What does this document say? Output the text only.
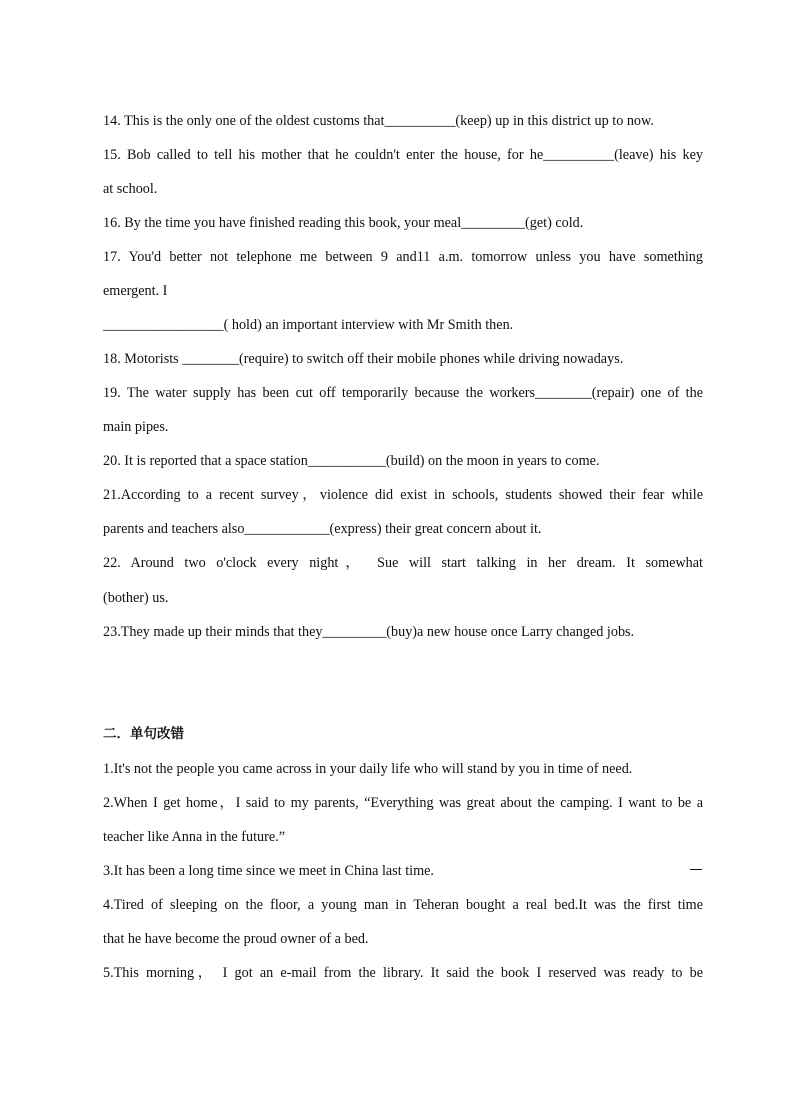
14. This is the only one of the oldest customs that__________(keep) up in this district up to now.
15. Bob called to tell his mother that he couldn't enter the house, for he__________(leave) his key
at school.
16. By the time you have finished reading this book, your meal_________(get) cold.
17. You'd better not telephone me between 9 and11 a.m. tomorrow unless you have something
emergent. I
_________________( hold) an important interview with Mr Smith then.
18. Motorists ________(require) to switch off their mobile phones while driving nowadays.
19. The water supply has been cut off temporarily because the workers________(repair) one of the
main pipes.
20. It is reported that a space station___________(build) on the moon in years to come.
21.According to a recent survey，violence did exist in schools, students showed their fear while
parents and teachers also____________(express) their great concern about it.
22. Around two o'clock every night， Sue will start talking in her dream. It somewhat
(bother) us.
23.They made up their minds that they_________(buy)a new house once Larry changed jobs.
二．单句改错
1.It's not the people you came across in your daily life who will stand by you in time of need.
2.When I get home，I said to my parents, “Everything was great about the camping. I want to be a
teacher like Anna in the future.”
3.It has been a long time since we meet in China last time.
4.Tired of sleeping on the floor, a young man in Teheran bought a real bed.It was the first time
that he have become the proud owner of a bed.
5.This morning， I got an e-mail from the library. It said the book I reserved was ready to be
